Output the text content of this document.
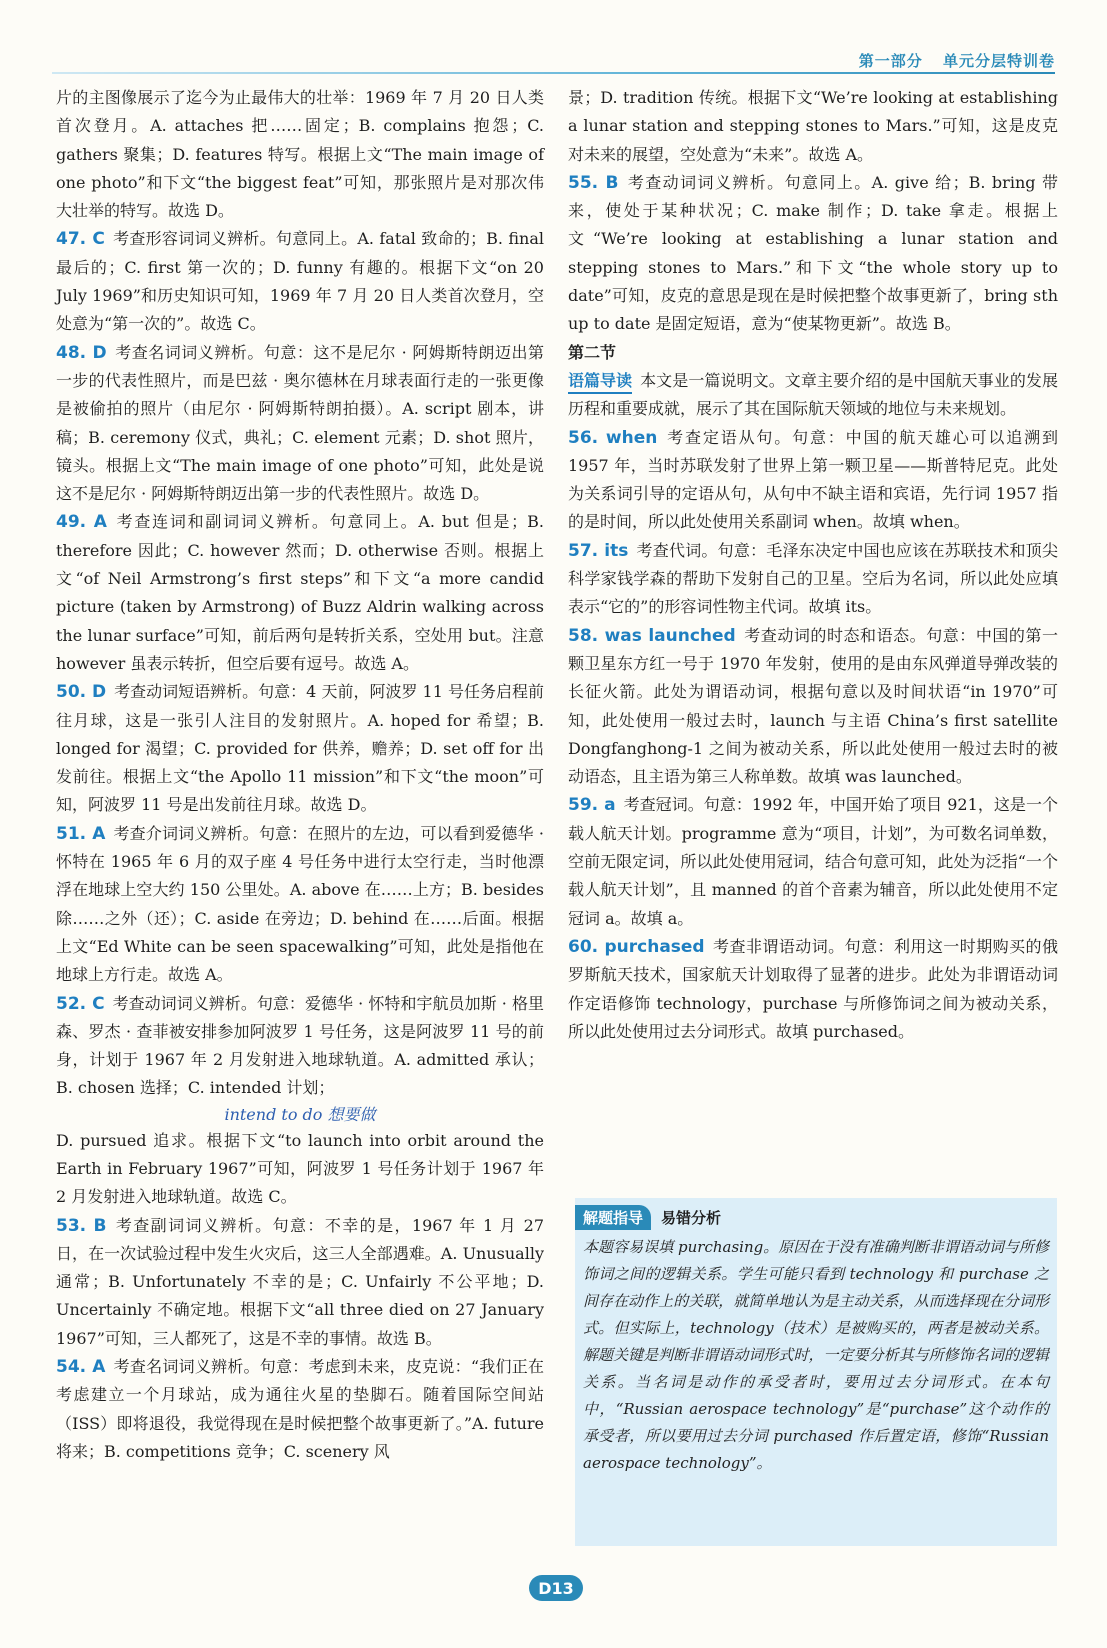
第一部分 单元分层特训卷

片的主图像展示了迄今为止最伟大的壮举：1969 年 7 月 20 日人类首次登月。A. attaches 把……固定；B. complains 抱怨；C. gathers 聚集；D. features 特写。根据上文“The main image of one photo”和下文“the biggest feat”可知，那张照片是对那次伟大壮举的特写。故选 D。

47. C 考查形容词词义辨析。句意同上。A. fatal 致命的；B. final 最后的；C. first 第一次的；D. funny 有趣的。根据下文“on 20 July 1969”和历史知识可知，1969 年 7 月 20 日人类首次登月，空处意为“第一次的”。故选 C。

48. D 考查名词词义辨析。句意：这不是尼尔 · 阿姆斯特朗迈出第一步的代表性照片，而是巴兹 · 奥尔德林在月球表面行走的一张更像是被偷拍的照片（由尼尔 · 阿姆斯特朗拍摄）。A. script 剧本，讲稿；B. ceremony 仪式，典礼；C. element 元素；D. shot 照片，镜头。根据上文“The main image of one photo”可知，此处是说这不是尼尔 · 阿姆斯特朗迈出第一步的代表性照片。故选 D。

49. A 考查连词和副词词义辨析。句意同上。A. but 但是；B. therefore 因此；C. however 然而；D. otherwise 否则。根据上文“of Neil Armstrong’s first steps”和下文“a more candid picture (taken by Armstrong) of Buzz Aldrin walking across the lunar surface”可知，前后两句是转折关系，空处用 but。注意 however 虽表示转折，但空后要有逗号。故选 A。

50. D 考查动词短语辨析。句意：4 天前，阿波罗 11 号任务启程前往月球，这是一张引人注目的发射照片。A. hoped for 希望；B. longed for 渴望；C. provided for 供养，赡养；D. set off for 出发前往。根据上文“the Apollo 11 mission”和下文“the moon”可知，阿波罗 11 号是出发前往月球。故选 D。

51. A 考查介词词义辨析。句意：在照片的左边，可以看到爱德华 · 怀特在 1965 年 6 月的双子座 4 号任务中进行太空行走，当时他漂浮在地球上空大约 150 公里处。A. above 在……上方；B. besides 除……之外（还）；C. aside 在旁边；D. behind 在……后面。根据上文“Ed White can be seen spacewalking”可知，此处是指他在地球上方行走。故选 A。

52. C 考查动词词义辨析。句意：爱德华 · 怀特和宇航员加斯 · 格里森、罗杰 · 查菲被安排参加阿波罗 1 号任务，这是阿波罗 11 号的前身，计划于 1967 年 2 月发射进入地球轨道。A. admitted 承认；B. chosen 选择；C. intended 计划；

intend to do 想要做

D. pursued 追求。根据下文“to launch into orbit around the Earth in February 1967”可知，阿波罗 1 号任务计划于 1967 年 2 月发射进入地球轨道。故选 C。

53. B 考查副词词义辨析。句意：不幸的是，1967 年 1 月 27 日，在一次试验过程中发生火灾后，这三人全部遇难。A. Unusually 通常；B. Unfortunately 不幸的是；C. Unfairly 不公平地；D. Uncertainly 不确定地。根据下文“all three died on 27 January 1967”可知，三人都死了，这是不幸的事情。故选 B。

54. A 考查名词词义辨析。句意：考虑到未来，皮克说：“我们正在考虑建立一个月球站，成为通往火星的垫脚石。随着国际空间站（ISS）即将退役，我觉得现在是时候把整个故事更新了。”A. future 将来；B. competitions 竞争；C. scenery 风

景；D. tradition 传统。根据下文“We’re looking at establishing a lunar station and stepping stones to Mars.”可知，这是皮克对未来的展望，空处意为“未来”。故选 A。

55. B 考查动词词义辨析。句意同上。A. give 给；B. bring 带来，使处于某种状况；C. make 制作；D. take 拿走。根据上文“We’re looking at establishing a lunar station and stepping stones to Mars.”和下文“the whole story up to date”可知，皮克的意思是现在是时候把整个故事更新了，bring sth up to date 是固定短语，意为“使某物更新”。故选 B。

第二节

语篇导读 本文是一篇说明文。文章主要介绍的是中国航天事业的发展历程和重要成就，展示了其在国际航天领域的地位与未来规划。

56. when 考查定语从句。句意：中国的航天雄心可以追溯到 1957 年，当时苏联发射了世界上第一颗卫星——斯普特尼克。此处为关系词引导的定语从句，从句中不缺主语和宾语，先行词 1957 指的是时间，所以此处使用关系副词 when。故填 when。

57. its 考查代词。句意：毛泽东决定中国也应该在苏联技术和顶尖科学家钱学森的帮助下发射自己的卫星。空后为名词，所以此处应填表示“它的”的形容词性物主代词。故填 its。

58. was launched 考查动词的时态和语态。句意：中国的第一颗卫星东方红一号于 1970 年发射，使用的是由东风弹道导弹改装的长征火箭。此处为谓语动词，根据句意以及时间状语“in 1970”可知，此处使用一般过去时，launch 与主语 China’s first satellite Dongfanghong-1 之间为被动关系，所以此处使用一般过去时的被动语态，且主语为第三人称单数。故填 was launched。

59. a 考查冠词。句意：1992 年，中国开始了项目 921，这是一个载人航天计划。programme 意为“项目，计划”，为可数名词单数，空前无限定词，所以此处使用冠词，结合句意可知，此处为泛指“一个载人航天计划”，且 manned 的首个音素为辅音，所以此处使用不定冠词 a。故填 a。

60. purchased 考查非谓语动词。句意：利用这一时期购买的俄罗斯航天技术，国家航天计划取得了显著的进步。此处为非谓语动词作定语修饰 technology，purchase 与所修饰词之间为被动关系，所以此处使用过去分词形式。故填 purchased。

解题指导	易错分析
本题容易误填 purchasing。原因在于没有准确判断非谓语动词与所修饰词之间的逻辑关系。学生可能只看到 technology 和 purchase 之间存在动作上的关联，就简单地认为是主动关系，从而选择现在分词形式。但实际上，technology（技术）是被购买的，两者是被动关系。解题关键是判断非谓语动词形式时，一定要分析其与所修饰名词的逻辑关系。当名词是动作的承受者时，要用过去分词形式。在本句中，“Russian aerospace technology”是“purchase”这个动作的承受者，所以要用过去分词 purchased 作后置定语，修饰“Russian aerospace technology”。
D13
